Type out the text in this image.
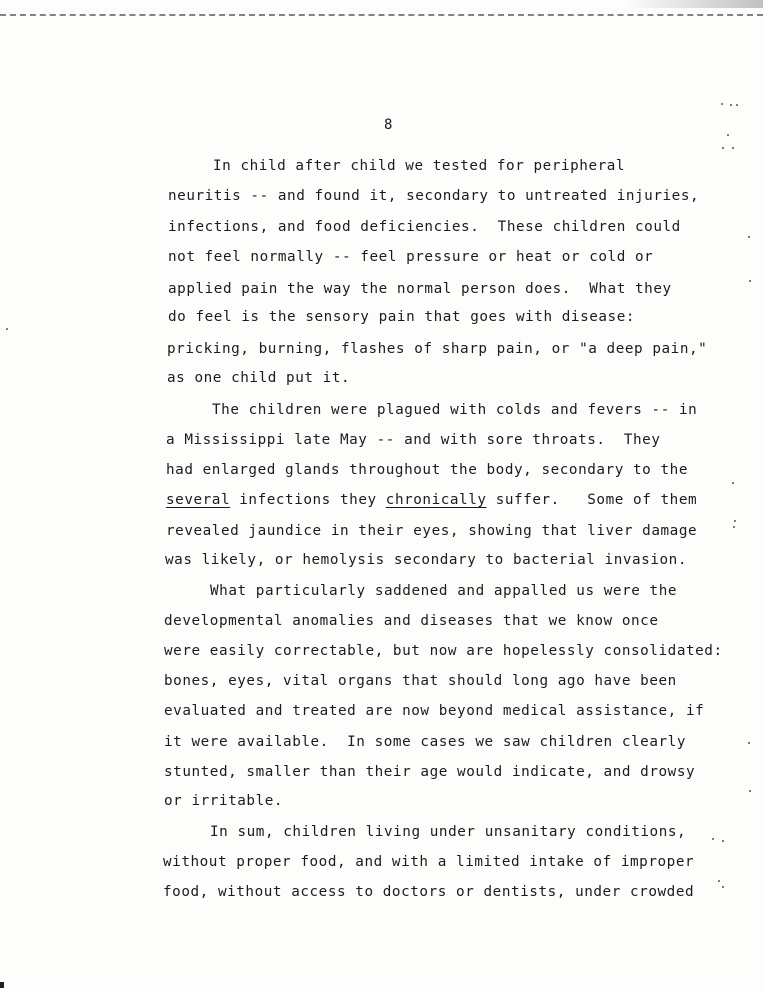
8
In child after child we tested for peripheral
neuritis -- and found it, secondary to untreated injuries,
infections, and food deficiencies.  These children could
not feel normally -- feel pressure or heat or cold or
applied pain the way the normal person does.  What they
do feel is the sensory pain that goes with disease:
pricking, burning, flashes of sharp pain, or "a deep pain,"
as one child put it.
The children were plagued with colds and fevers -- in
a Mississippi late May -- and with sore throats.  They
had enlarged glands throughout the body, secondary to the
several infections they chronically suffer.   Some of them
revealed jaundice in their eyes, showing that liver damage
was likely, or hemolysis secondary to bacterial invasion.
What particularly saddened and appalled us were the
developmental anomalies and diseases that we know once
were easily correctable, but now are hopelessly consolidated:
bones, eyes, vital organs that should long ago have been
evaluated and treated are now beyond medical assistance, if
it were available.  In some cases we saw children clearly
stunted, smaller than their age would indicate, and drowsy
or irritable.
In sum, children living under unsanitary conditions,
without proper food, and with a limited intake of improper
food, without access to doctors or dentists, under crowded
